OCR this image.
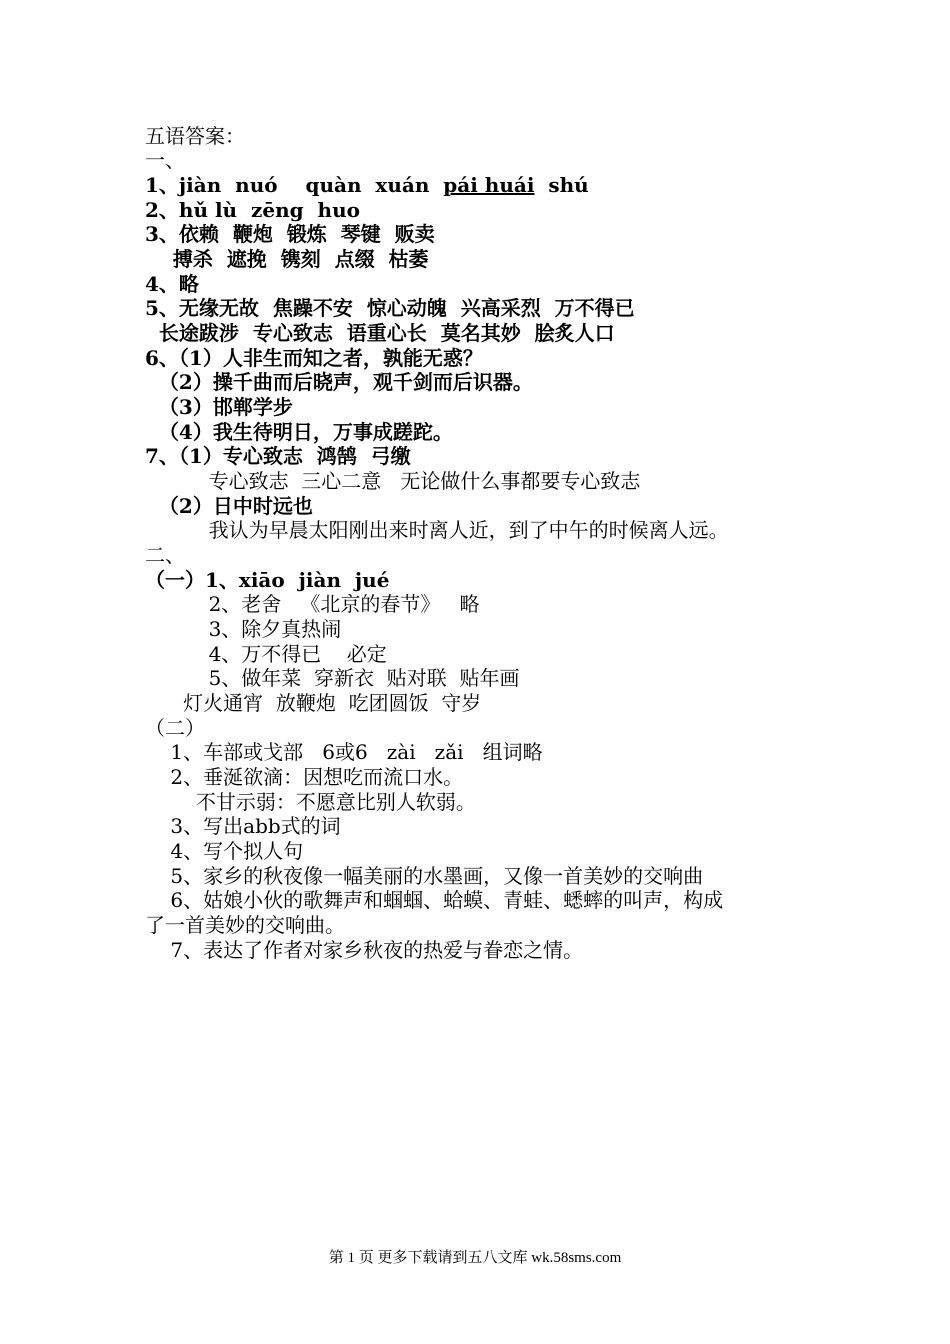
五语答案：
一、
1、jiàn  nuó    quàn  xuán  pái huái  shú
2、hǔ lù  zēng  huo
3、依赖  鞭炮  锻炼  琴键  贩卖
搏杀  遮挽  镌刻  点缀  枯萎
4、略
5、无缘无故  焦躁不安  惊心动魄  兴高采烈  万不得已
长途跋涉  专心致志  语重心长  莫名其妙  脍炙人口
6、（1）人非生而知之者，孰能无惑？
（2）操千曲而后晓声，观千剑而后识器。
（3）邯郸学步
（4）我生待明日，万事成蹉跎。
7、（1）专心致志  鸿鹄  弓缴
专心致志  三心二意   无论做什么事都要专心致志
（2）日中时远也
我认为早晨太阳刚出来时离人近，到了中午的时候离人远。
二、
（一）1、xiāo  jiàn  jué
2、老舍   《北京的春节》   略
3、除夕真热闹
4、万不得已    必定
5、做年菜  穿新衣  贴对联  贴年画
灯火通宵  放鞭炮  吃团圆饭  守岁
（二）
1、车部或戈部   6或6   zài   zǎi   组词略
2、垂涎欲滴：因想吃而流口水。
不甘示弱：不愿意比别人软弱。
3、写出abb式的词
4、写个拟人句
5、家乡的秋夜像一幅美丽的水墨画，又像一首美妙的交响曲
6、姑娘小伙的歌舞声和蝈蝈、蛤蟆、青蛙、蟋蟀的叫声，构成
了一首美妙的交响曲。
7、表达了作者对家乡秋夜的热爱与眷恋之情。
第 1 页 更多下载请到五八文库 wk.58sms.com
